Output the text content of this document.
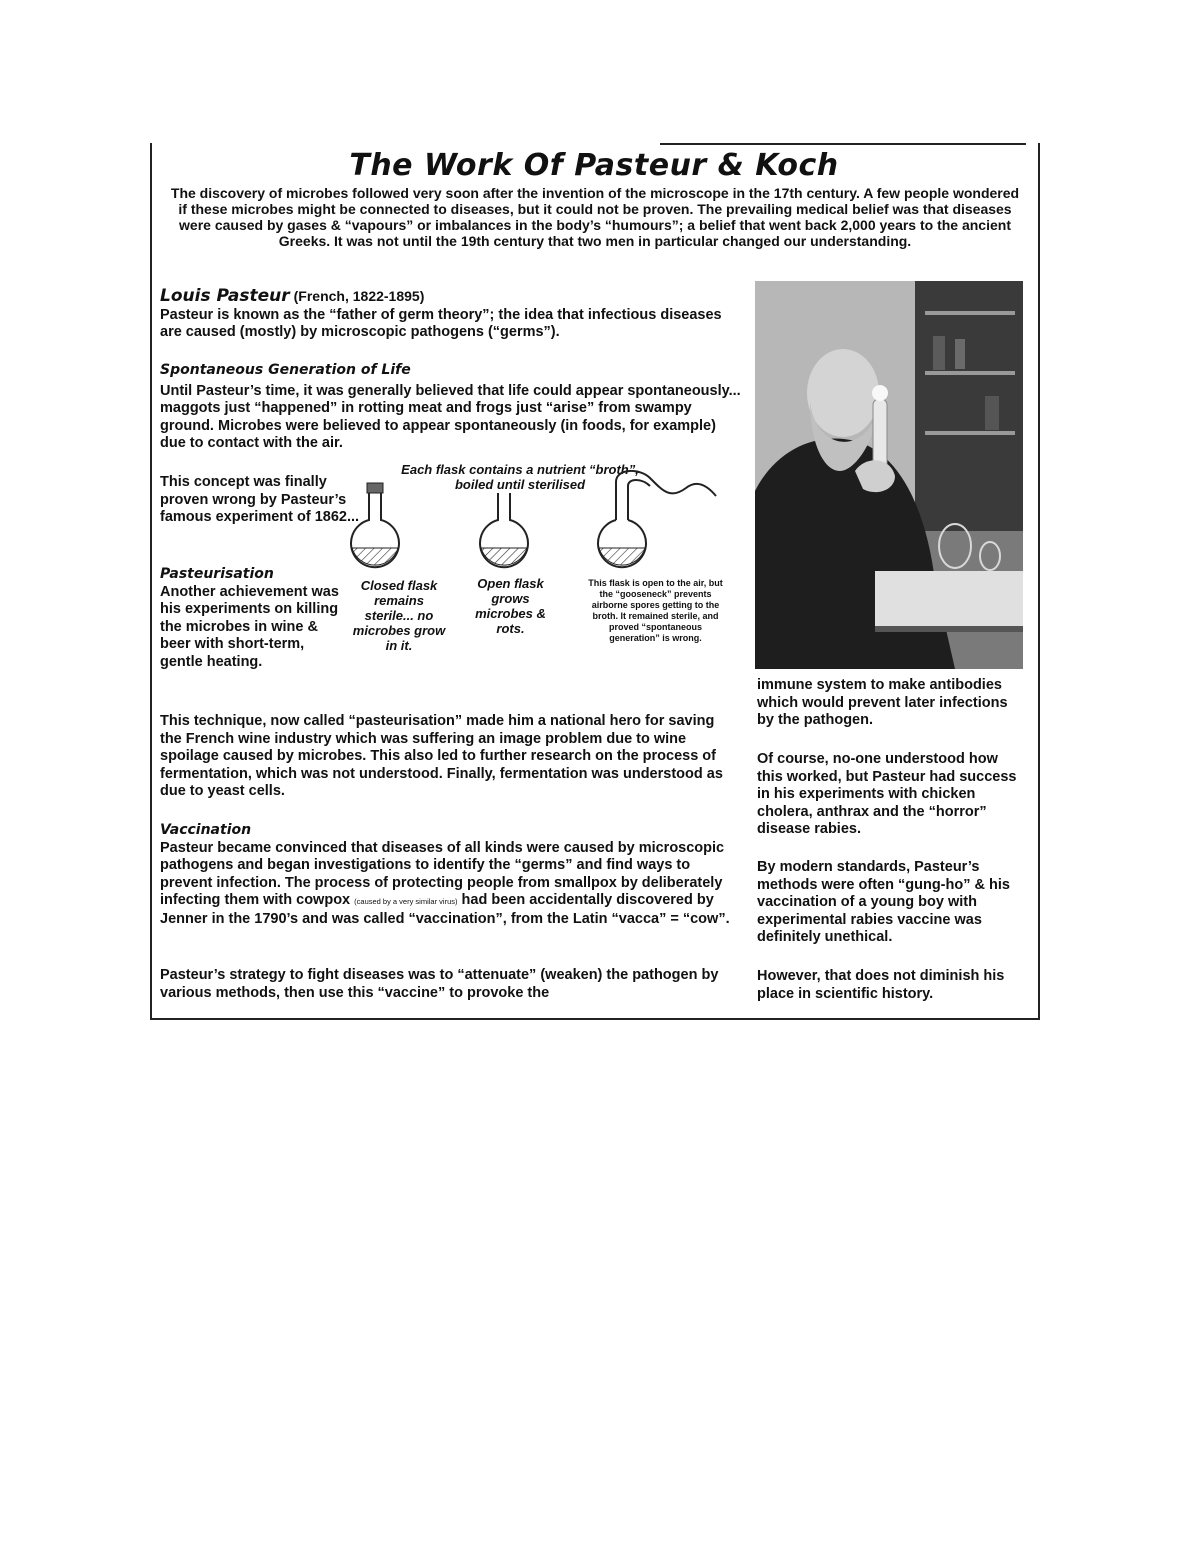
The Work Of Pasteur & Koch
The discovery of microbes followed very soon after the invention of the microscope in the 17th century. A few people wondered if these microbes might be connected to diseases, but it could not be proven. The prevailing medical belief was that diseases were caused by gases & “vapours” or imbalances in the body’s “humours”; a belief that went back 2,000 years to the ancient Greeks. It was not until the 19th century that two men in particular changed our understanding.
Louis Pasteur (French, 1822-1895)
Pasteur is known as the “father of germ theory”; the idea that infectious diseases are caused (mostly) by microscopic pathogens (“germs”).
Spontaneous Generation of Life
Until Pasteur’s time, it was generally believed that life could appear spontaneously... maggots just “happened” in rotting meat and frogs just “arise” from swampy ground. Microbes were believed to appear spontaneously (in foods, for example) due to contact with the air.
This concept was finally proven wrong by Pasteur’s famous experiment of 1862...
Pasteurisation
Another achievement was his experiments on killing the microbes in wine & beer with short-term, gentle heating.
Each flask contains a nutrient “broth”, boiled until sterilised
Closed flask remains sterile... no microbes grow in it.
Open flask grows microbes & rots.
This flask is open to the air, but the “gooseneck” prevents airborne spores getting to the broth. It remained sterile, and proved “spontaneous generation” is wrong.
This technique, now called “pasteurisation” made him a national hero for saving the French wine industry which was suffering an image problem due to wine spoilage caused by microbes. This also led to further research on the process of fermentation, which was not understood. Finally, fermentation was understood as due to yeast cells.
Vaccination
Pasteur became convinced that diseases of all kinds were caused by microscopic pathogens and began investigations to identify the “germs” and find ways to prevent infection. The process of protecting people from smallpox by deliberately infecting them with cowpox (caused by a very similar virus) had been accidentally discovered by Jenner in the 1790’s and was called “vaccination”, from the Latin “vacca” = “cow”.
Pasteur’s strategy to fight diseases was to “attenuate” (weaken) the pathogen by various methods, then use this “vaccine” to provoke the
immune system to make antibodies which would prevent later infections by the pathogen.
Of course, no-one understood how this worked, but Pasteur had success in his experiments with chicken cholera, anthrax and the “horror” disease rabies.
By modern standards, Pasteur’s methods were often “gung-ho” & his vaccination of a young boy with experimental rabies vaccine was definitely unethical.
However, that does not diminish his place in scientific history.
